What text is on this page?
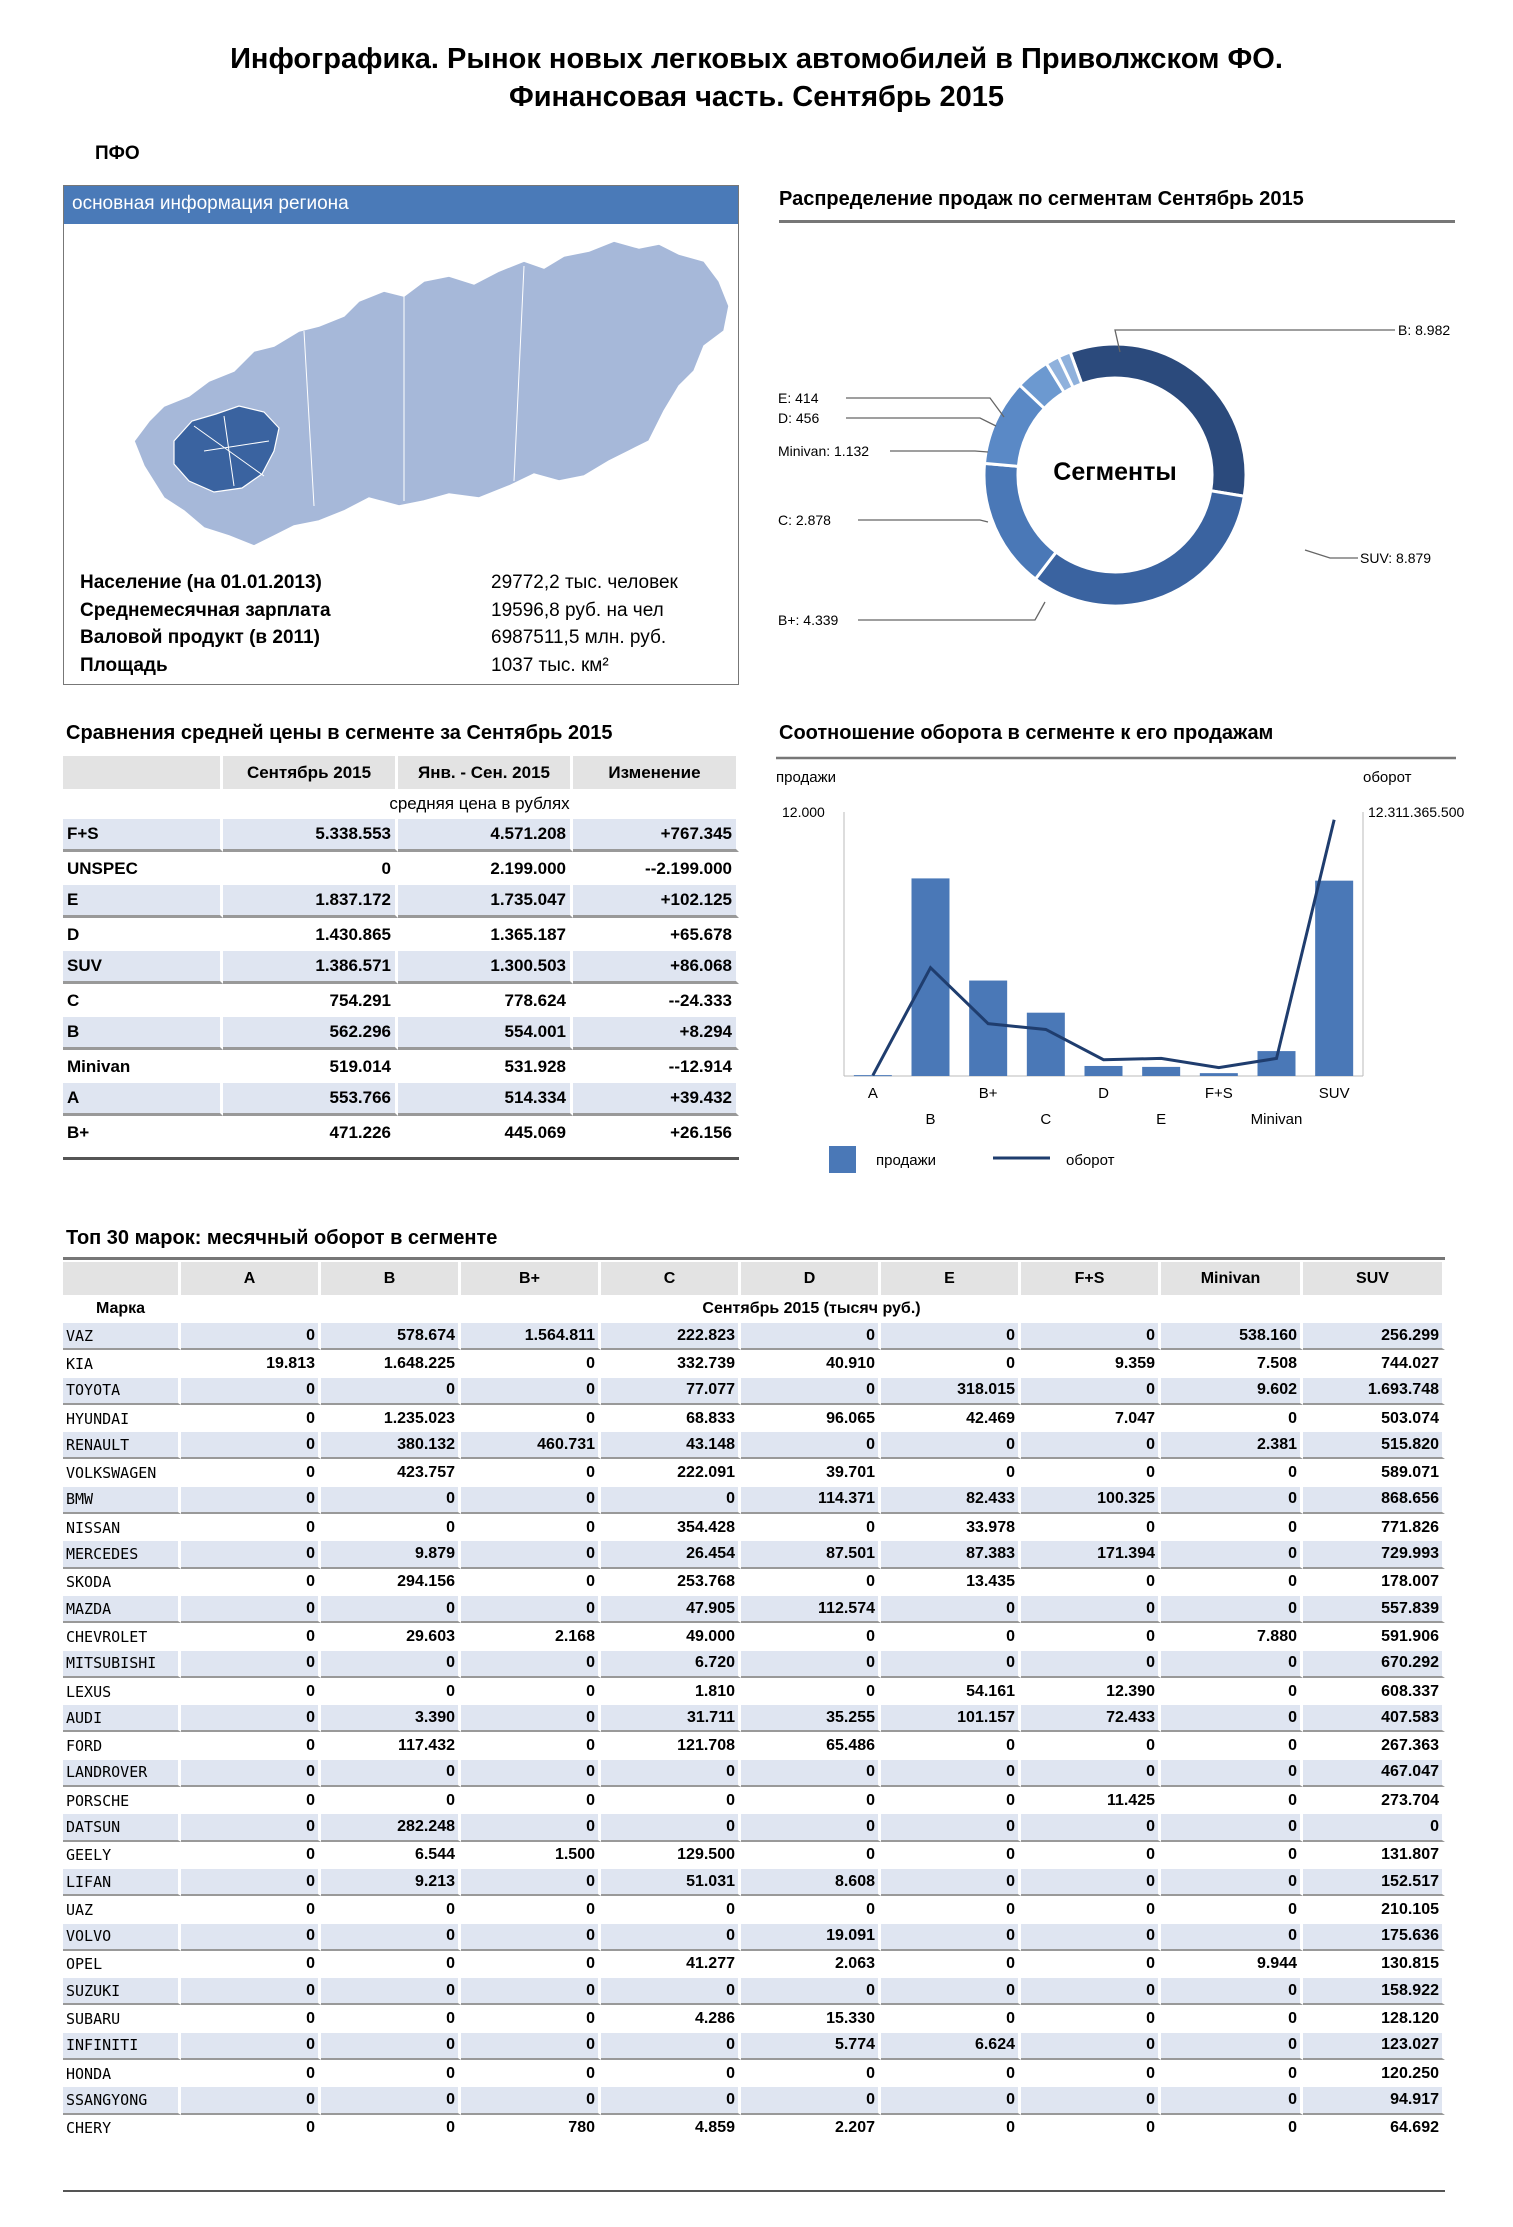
Инфографика. Рынок новых легковых автомобилей в Приволжском ФО.
Финансовая часть. Сентябрь 2015
ПФО
основная информация региона
Население (на 01.01.2013)	29772,2 тыс. человек
Среднемесячная зарплата	19596,8 руб. на чел
Валовой продукт (в 2011)	6987511,5 млн. руб.
Площадь	1037 тыс. км²
Распределение продаж по сегментам Сентябрь 2015
Сегменты
B: 8.982
SUV: 8.879
B+: 4.339
C: 2.878
Minivan: 1.132
D: 456
E: 414
Сравнения средней цены в сегменте за Сентябрь 2015
	Сентябрь 2015	Янв. - Сен. 2015	Изменение
	средняя цена в рублях		
F+S	5.338.553	4.571.208	+767.345
UNSPEC	0	2.199.000	--2.199.000
E	1.837.172	1.735.047	+102.125
D	1.430.865	1.365.187	+65.678
SUV	1.386.571	1.300.503	+86.068
C	754.291	778.624	--24.333
B	562.296	554.001	+8.294
Minivan	519.014	531.928	--12.914
A	553.766	514.334	+39.432
B+	471.226	445.069	+26.156
Соотношение оборота в сегменте к его продажам
продажи	оборот
12.000	12.311.365.500
A
B
B+
C
D
E
F+S
Minivan
SUV
продажи	оборот
Топ 30 марок: месячный оборот в сегменте
	A	B	B+	C	D	E	F+S	Minivan	SUV
Марка	Сентябрь 2015 (тысяч руб.)								
VAZ	0	578.674	1.564.811	222.823	0	0	0	538.160	256.299
KIA	19.813	1.648.225	0	332.739	40.910	0	9.359	7.508	744.027
TOYOTA	0	0	0	77.077	0	318.015	0	9.602	1.693.748
HYUNDAI	0	1.235.023	0	68.833	96.065	42.469	7.047	0	503.074
RENAULT	0	380.132	460.731	43.148	0	0	0	2.381	515.820
VOLKSWAGEN	0	423.757	0	222.091	39.701	0	0	0	589.071
BMW	0	0	0	0	114.371	82.433	100.325	0	868.656
NISSAN	0	0	0	354.428	0	33.978	0	0	771.826
MERCEDES	0	9.879	0	26.454	87.501	87.383	171.394	0	729.993
SKODA	0	294.156	0	253.768	0	13.435	0	0	178.007
MAZDA	0	0	0	47.905	112.574	0	0	0	557.839
CHEVROLET	0	29.603	2.168	49.000	0	0	0	7.880	591.906
MITSUBISHI	0	0	0	6.720	0	0	0	0	670.292
LEXUS	0	0	0	1.810	0	54.161	12.390	0	608.337
AUDI	0	3.390	0	31.711	35.255	101.157	72.433	0	407.583
FORD	0	117.432	0	121.708	65.486	0	0	0	267.363
LANDROVER	0	0	0	0	0	0	0	0	467.047
PORSCHE	0	0	0	0	0	0	11.425	0	273.704
DATSUN	0	282.248	0	0	0	0	0	0	0
GEELY	0	6.544	1.500	129.500	0	0	0	0	131.807
LIFAN	0	9.213	0	51.031	8.608	0	0	0	152.517
UAZ	0	0	0	0	0	0	0	0	210.105
VOLVO	0	0	0	0	19.091	0	0	0	175.636
OPEL	0	0	0	41.277	2.063	0	0	9.944	130.815
SUZUKI	0	0	0	0	0	0	0	0	158.922
SUBARU	0	0	0	4.286	15.330	0	0	0	128.120
INFINITI	0	0	0	0	5.774	6.624	0	0	123.027
HONDA	0	0	0	0	0	0	0	0	120.250
SSANGYONG	0	0	0	0	0	0	0	0	94.917
CHERY	0	0	780	4.859	2.207	0	0	0	64.692
